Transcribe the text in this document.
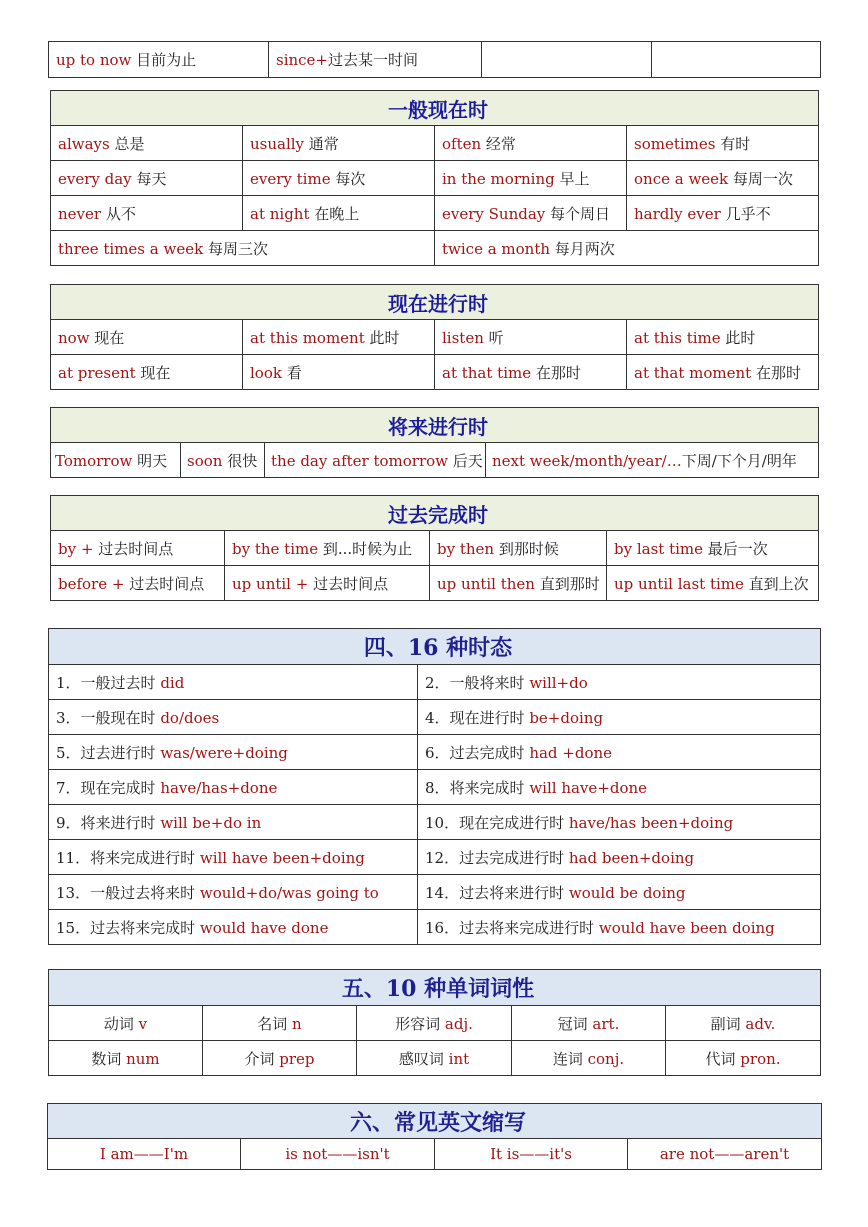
up to now 目前为止	since+过去某一时间		
一般现在时			
always 总是	usually 通常	often 经常	sometimes 有时
every day 每天	every time 每次	in the morning 早上	once a week 每周一次
never 从不	at night 在晚上	every Sunday 每个周日	hardly ever 几乎不
three times a week 每周三次		twice a month 每月两次	
现在进行时			
now 现在	at this moment 此时	listen 听	at this time 此时
at present 现在	look 看	at that time 在那时	at that moment 在那时
将来进行时
Tomorrow 明天	soon 很快	the day after tomorrow 后天	next week/month/year/…下周/下个月/明年
过去完成时			
by + 过去时间点	by the time 到...时候为止	by then 到那时候	by last time 最后一次
before + 过去时间点	up until + 过去时间点	up until then 直到那时	up until last time 直到上次
四、16 种时态	
1．一般过去时 did	2．一般将来时 will+do
3．一般现在时 do/does	4．现在进行时 be+doing
5．过去进行时 was/were+doing	6．过去完成时 had +done
7．现在完成时 have/has+done	8．将来完成时 will have+done
9．将来进行时 will be+do in	10．现在完成进行时 have/has been+doing
11．将来完成进行时 will have been+doing	12．过去完成进行时 had been+doing
13．一般过去将来时 would+do/was going to	14．过去将来进行时 would be doing
15．过去将来完成时 would have done	16．过去将来完成进行时 would have been doing
五、10 种单词词性				
动词 v	名词 n	形容词 adj.	冠词 art.	副词 adv.
数词 num	介词 prep	感叹词 int	连词 conj.	代词 pron.
六、常见英文缩写
I am——I'm	is not——isn't	It is——it's	are not——aren't
